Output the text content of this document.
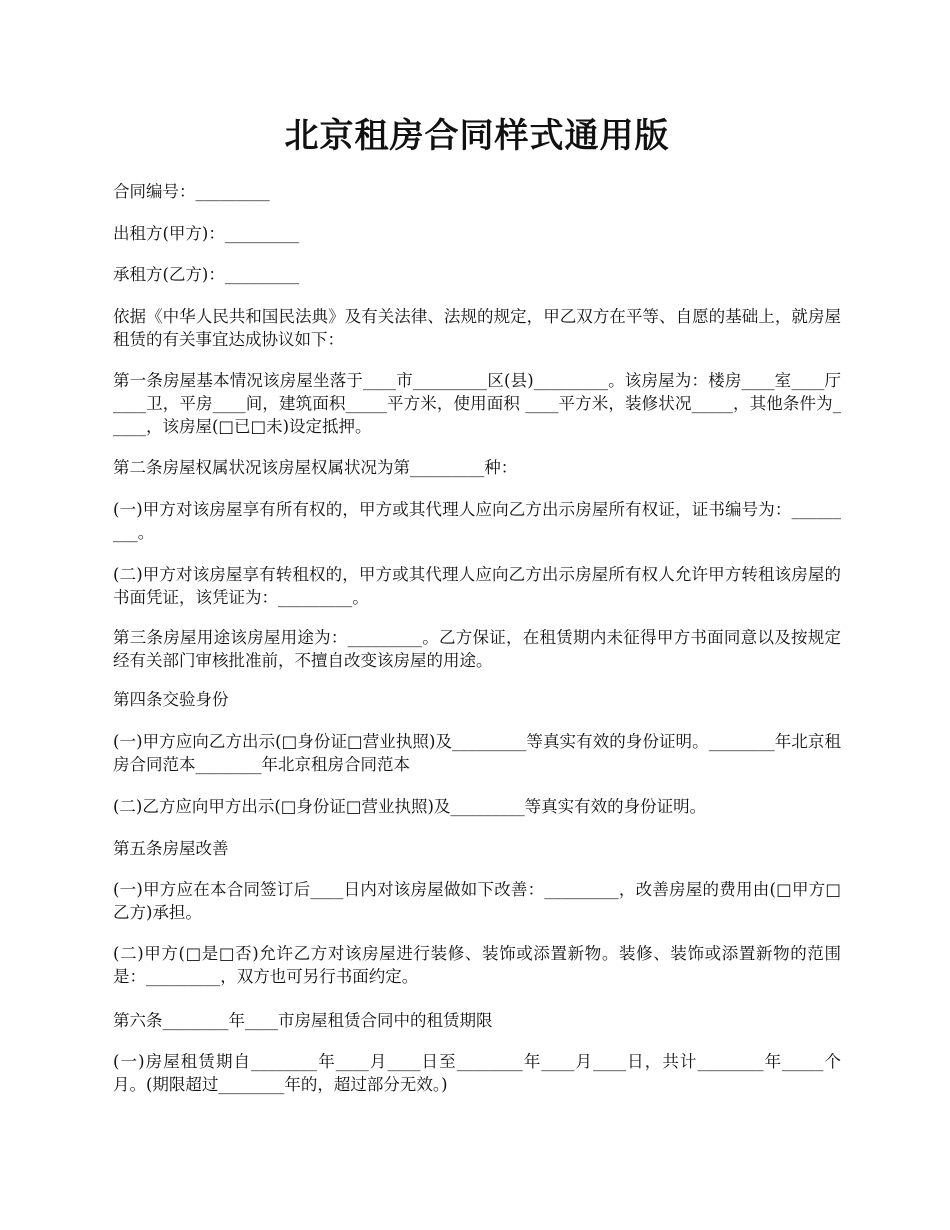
北京租房合同样式通用版

合同编号：_________

出租方(甲方)：_________

承租方(乙方)：_________

依据《中华人民共和国民法典》及有关法律、法规的规定，甲乙双方在平等、自愿的基础上，就房屋租赁的有关事宜达成协议如下：

第一条房屋基本情况该房屋坐落于____市_________区(县)_________。该房屋为：楼房____室____厅____卫，平房____间，建筑面积_____平方米，使用面积 ____平方米，装修状况_____，其他条件为_____，该房屋(□已□未)设定抵押。

第二条房屋权属状况该房屋权属状况为第_________种：

(一)甲方对该房屋享有所有权的，甲方或其代理人应向乙方出示房屋所有权证，证书编号为：_________。

(二)甲方对该房屋享有转租权的，甲方或其代理人应向乙方出示房屋所有权人允许甲方转租该房屋的书面凭证，该凭证为：_________。

第三条房屋用途该房屋用途为：_________。乙方保证，在租赁期内未征得甲方书面同意以及按规定经有关部门审核批准前，不擅自改变该房屋的用途。

第四条交验身份

(一)甲方应向乙方出示(□身份证□营业执照)及_________等真实有效的身份证明。________年北京租房合同范本________年北京租房合同范本

(二)乙方应向甲方出示(□身份证□营业执照)及_________等真实有效的身份证明。

第五条房屋改善

(一)甲方应在本合同签订后____日内对该房屋做如下改善：_________，改善房屋的费用由(□甲方□乙方)承担。

(二)甲方(□是□否)允许乙方对该房屋进行装修、装饰或添置新物。装修、装饰或添置新物的范围是：_________，双方也可另行书面约定。

第六条________年____市房屋租赁合同中的租赁期限

(一)房屋租赁期自________年____月____日至________年____月____日，共计________年_____个月。(期限超过________年的，超过部分无效。)
